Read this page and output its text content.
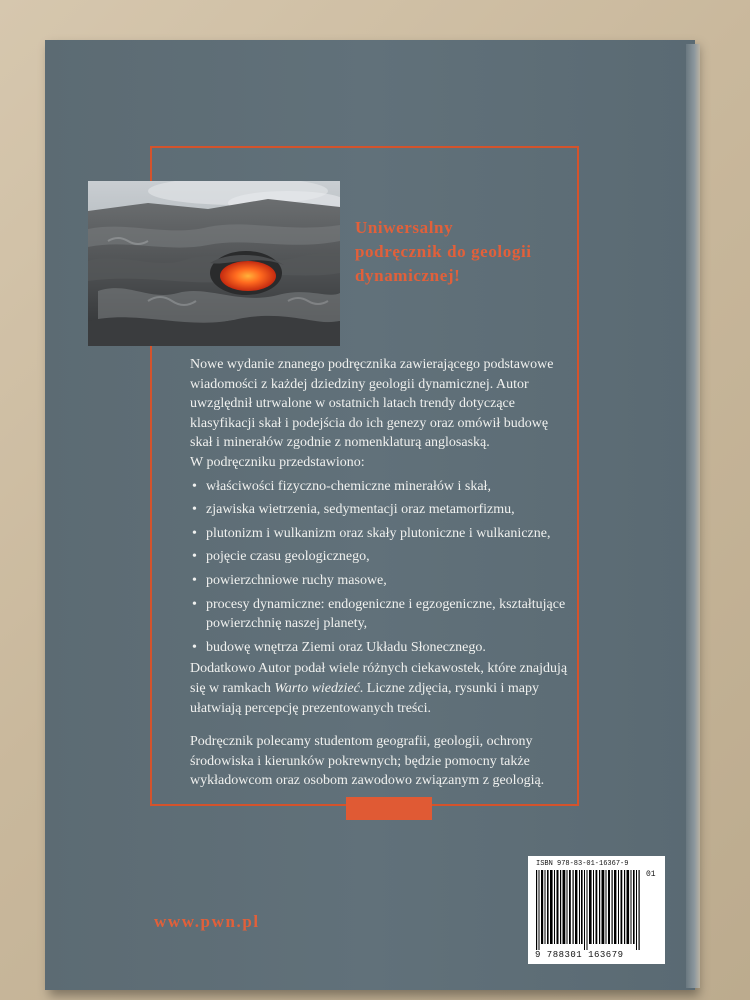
Uniwersalny
podręcznik do geologii
dynamicznej!

Nowe wydanie znanego podręcznika zawierającego podstawowe wiadomości z każdej dziedziny geologii dynamicznej. Autor uwzględnił utrwalone w ostatnich latach trendy dotyczące klasyfikacji skał i podejścia do ich genezy oraz omówił budowę skał i minerałów zgodnie z nomenklaturą anglosaską.

W podręczniku przedstawiono:

• właściwości fizyczno-chemiczne minerałów i skał,
• zjawiska wietrzenia, sedymentacji oraz metamorfizmu,
• plutonizm i wulkanizm oraz skały plutoniczne i wulkaniczne,
• pojęcie czasu geologicznego,
• powierzchniowe ruchy masowe,
• procesy dynamiczne: endogeniczne i egzogeniczne, kształtujące powierzchnię naszej planety,
• budowę wnętrza Ziemi oraz Układu Słonecznego.

Dodatkowo Autor podał wiele różnych ciekawostek, które znajdują się w ramkach Warto wiedzieć. Liczne zdjęcia, rysunki i mapy ułatwiają percepcję prezentowanych treści.

Podręcznik polecamy studentom geografii, geologii, ochrony środowiska i kierunków pokrewnych; będzie pomocny także wykładowcom oraz osobom zawodowo związanym z geologią.

www.pwn.pl
ISBN 978-83-01-16367-9
01
9 788301 163679
